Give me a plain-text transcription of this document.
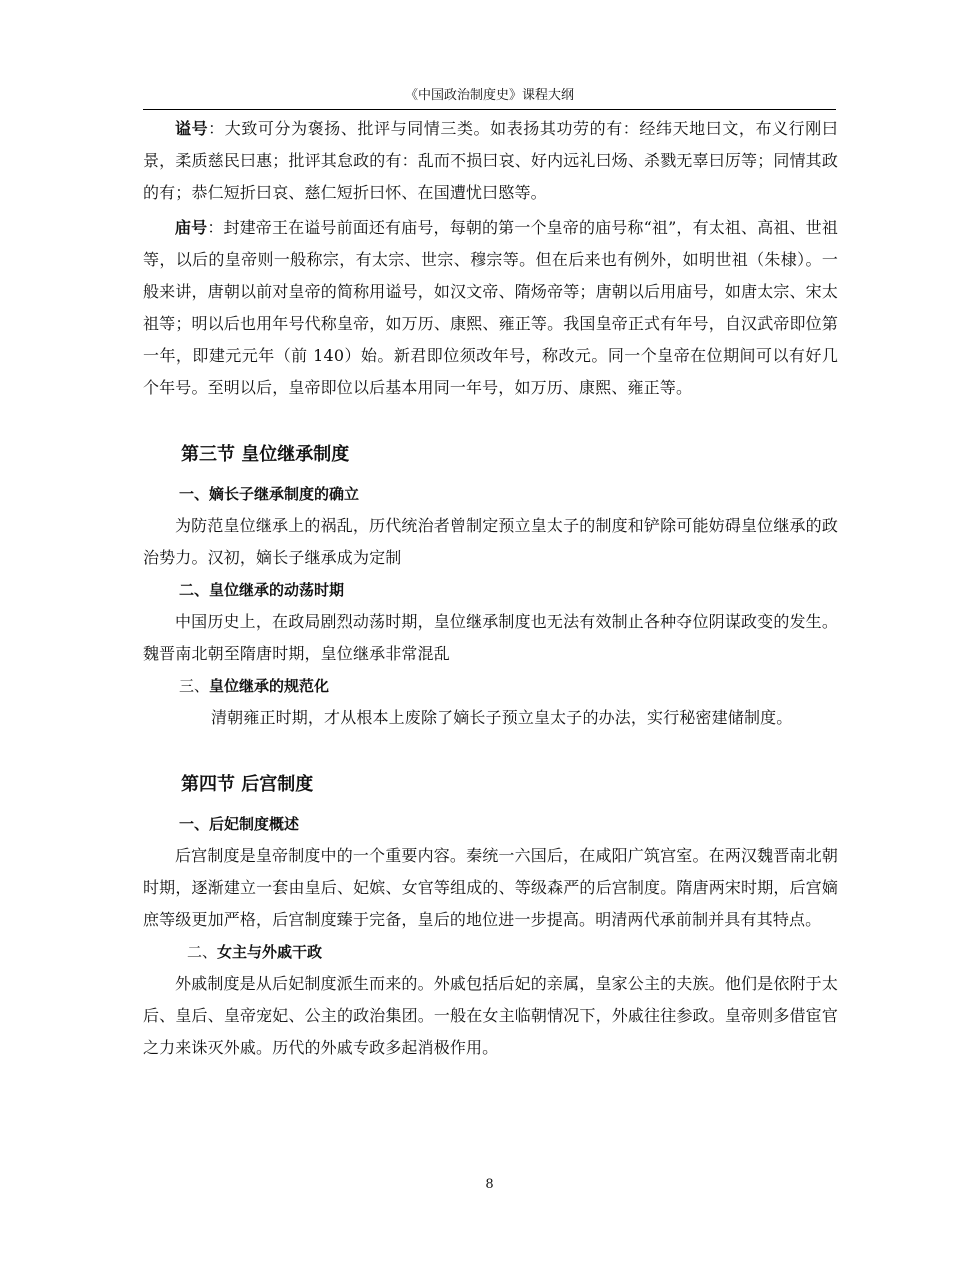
《中国政治制度史》课程大纲

谥号：大致可分为褒扬、批评与同情三类。如表扬其功劳的有：经纬天地曰文，布义行刚曰景，柔质慈民曰惠；批评其怠政的有：乱而不损曰哀、好内远礼曰炀、杀戮无辜曰厉等；同情其政的有；恭仁短折曰哀、慈仁短折曰怀、在国遭忧曰愍等。

庙号：封建帝王在谥号前面还有庙号，每朝的第一个皇帝的庙号称“祖”，有太祖、高祖、世祖等，以后的皇帝则一般称宗，有太宗、世宗、穆宗等。但在后来也有例外，如明世祖（朱棣）。一般来讲，唐朝以前对皇帝的简称用谥号，如汉文帝、隋炀帝等；唐朝以后用庙号，如唐太宗、宋太祖等；明以后也用年号代称皇帝，如万历、康熙、雍正等。我国皇帝正式有年号，自汉武帝即位第一年，即建元元年（前 140）始。新君即位须改年号，称改元。同一个皇帝在位期间可以有好几个年号。至明以后，皇帝即位以后基本用同一年号，如万历、康熙、雍正等。

第三节 皇位继承制度
一、嫡长子继承制度的确立

为防范皇位继承上的祸乱，历代统治者曾制定预立皇太子的制度和铲除可能妨碍皇位继承的政治势力。汉初，嫡长子继承成为定制

二、皇位继承的动荡时期

中国历史上，在政局剧烈动荡时期，皇位继承制度也无法有效制止各种夺位阴谋政变的发生。魏晋南北朝至隋唐时期，皇位继承非常混乱

三、皇位继承的规范化

清朝雍正时期，才从根本上废除了嫡长子预立皇太子的办法，实行秘密建储制度。

第四节 后宫制度
一、后妃制度概述

后宫制度是皇帝制度中的一个重要内容。秦统一六国后，在咸阳广筑宫室。在两汉魏晋南北朝时期，逐渐建立一套由皇后、妃嫔、女官等组成的、等级森严的后宫制度。隋唐两宋时期，后宫嫡庶等级更加严格，后宫制度臻于完备，皇后的地位进一步提高。明清两代承前制并具有其特点。

二、女主与外戚干政

外戚制度是从后妃制度派生而来的。外戚包括后妃的亲属，皇家公主的夫族。他们是依附于太后、皇后、皇帝宠妃、公主的政治集团。一般在女主临朝情况下，外戚往往参政。皇帝则多借宦官之力来诛灭外戚。历代的外戚专政多起消极作用。

8
